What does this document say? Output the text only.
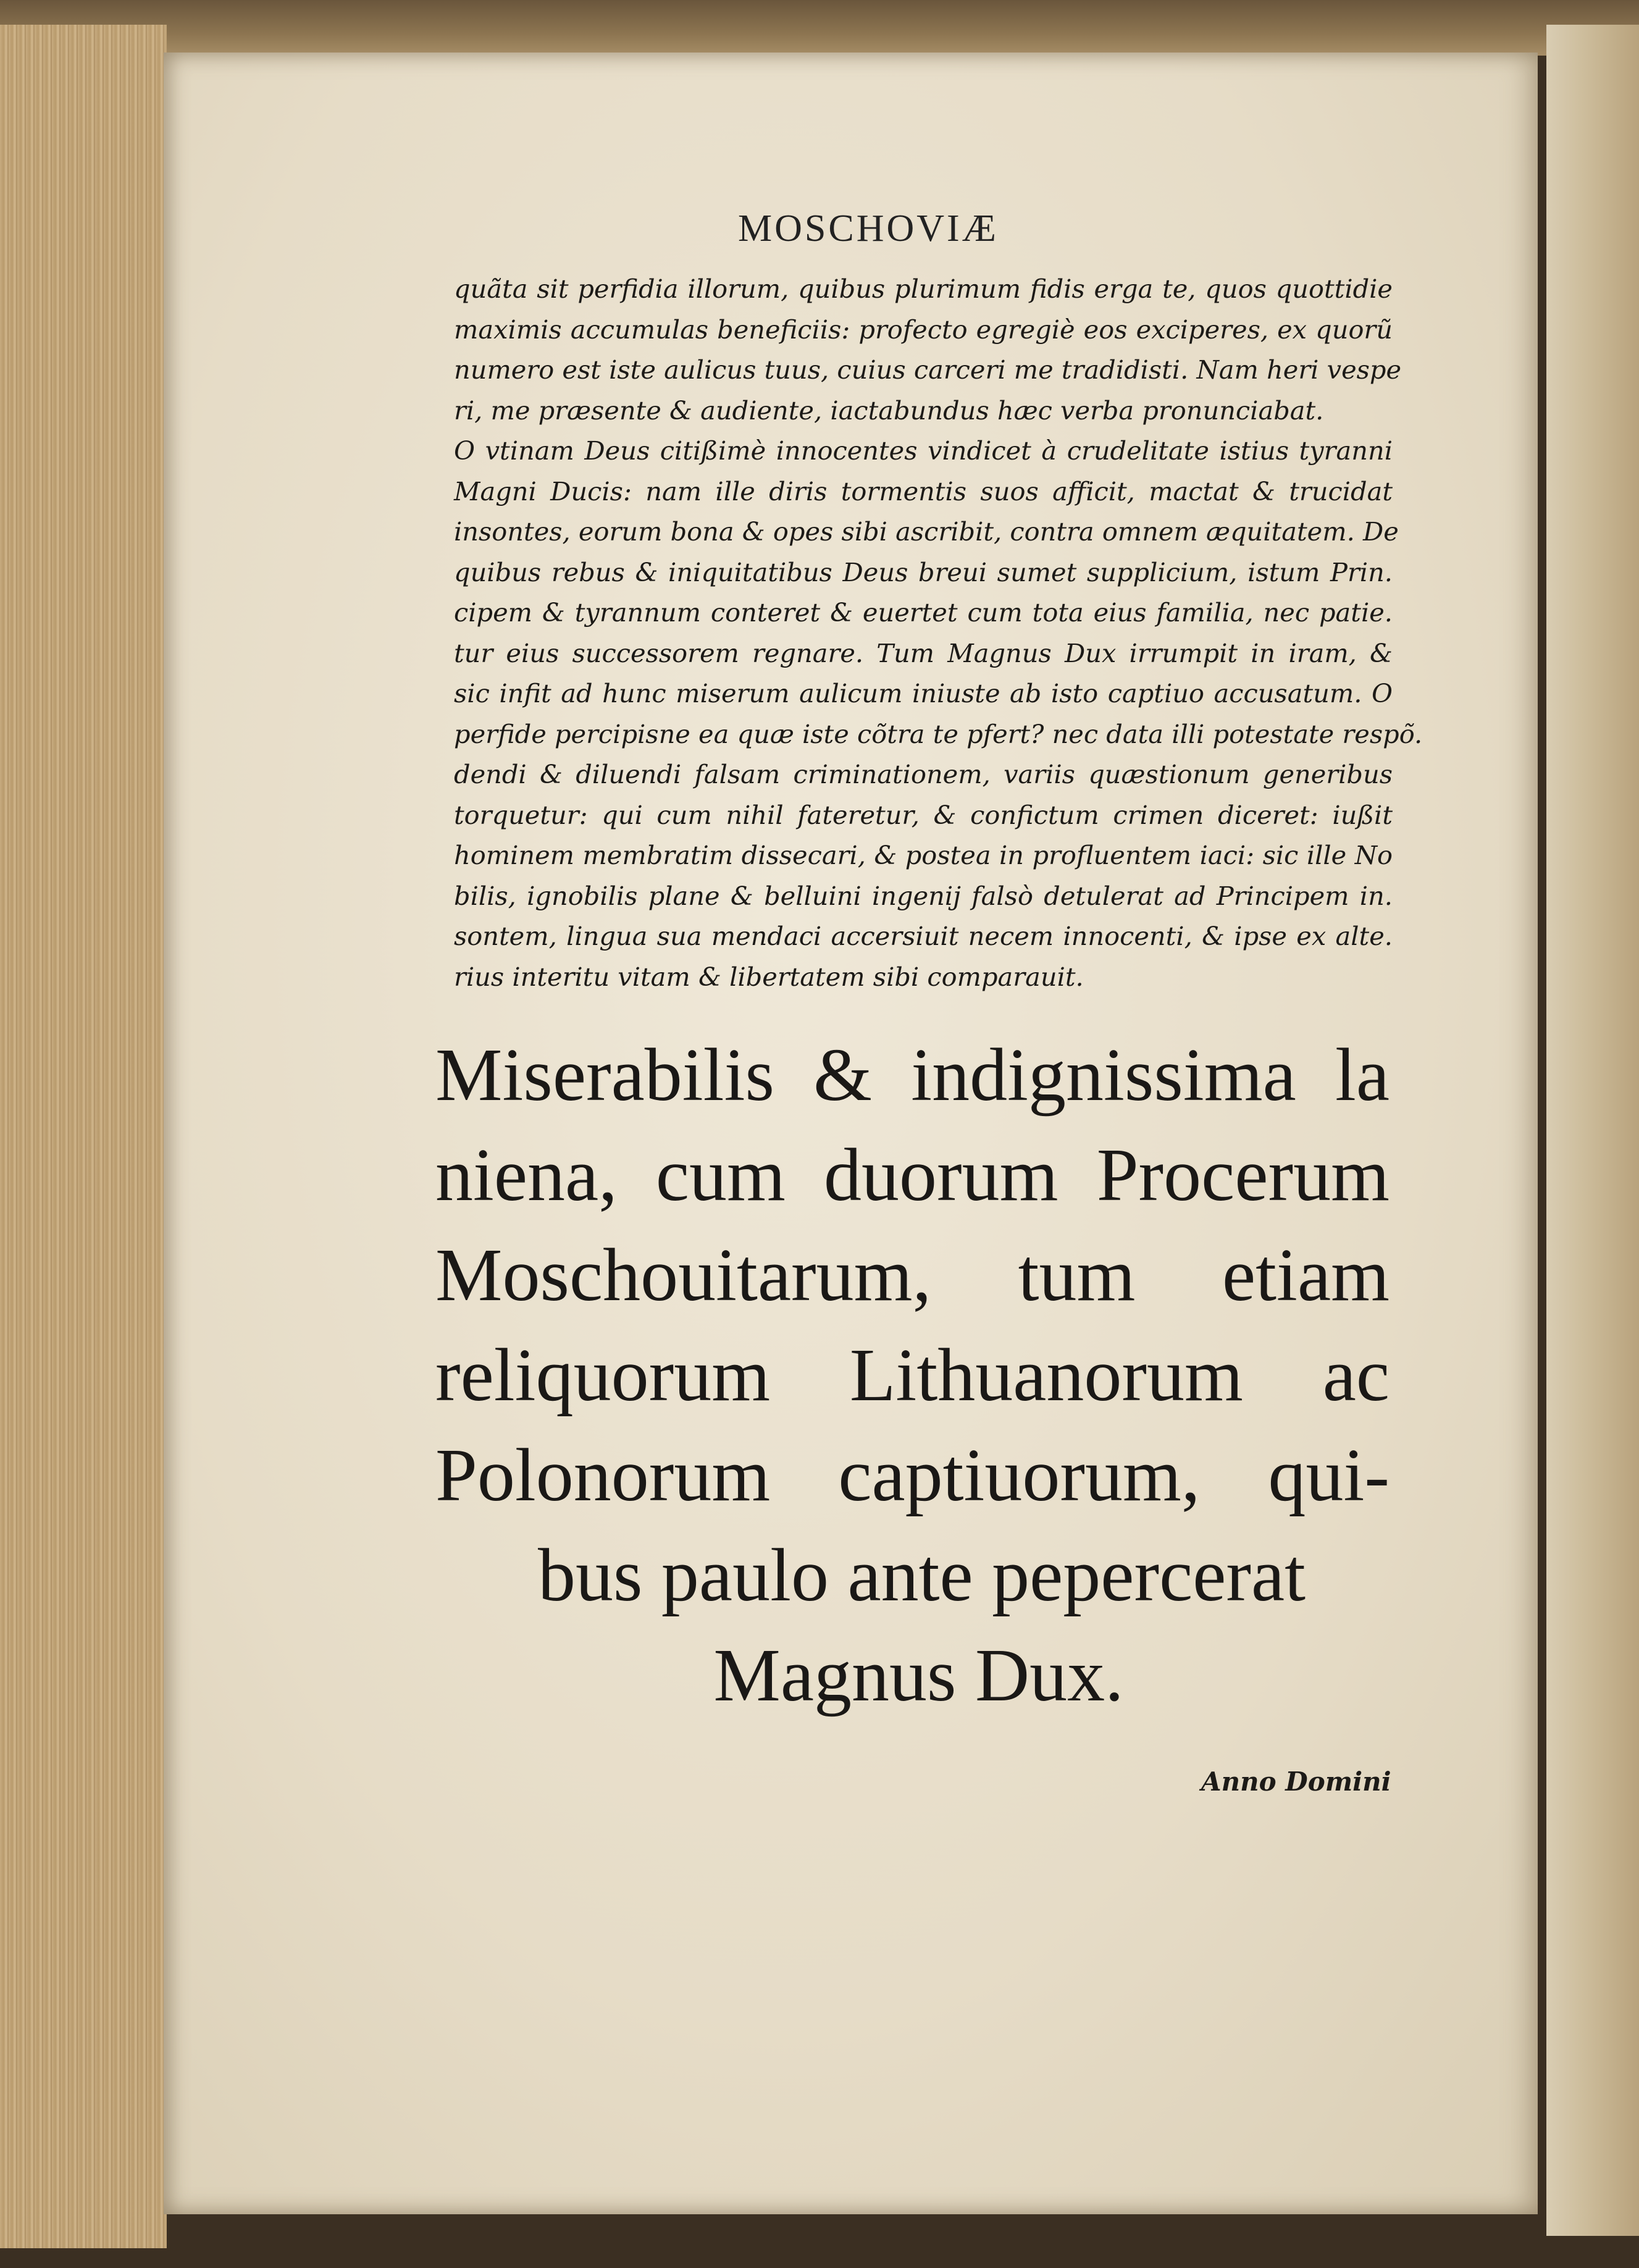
MOSCHOVIÆ
quãta sit perfidia illorum, quibus plurimum fidis erga te, quos quottidie
maximis accumulas beneficiis: profecto egregiè eos exciperes, ex quorũ
numero est iste aulicus tuus, cuius carceri me tradidisti. Nam heri vespe
ri, me præsente & audiente, iactabundus hæc verba pronunciabat.
O vtinam Deus citißimè innocentes vindicet à crudelitate istius tyranni
Magni Ducis: nam ille diris tormentis suos afficit, mactat & trucidat
insontes, eorum bona & opes sibi ascribit, contra omnem æquitatem. De
quibus rebus & iniquitatibus Deus breui sumet supplicium, istum Prin.
cipem & tyrannum conteret & euertet cum tota eius familia, nec patie.
tur eius successorem regnare. Tum Magnus Dux irrumpit in iram, &
sic infit ad hunc miserum aulicum iniuste ab isto captiuo accusatum. O
perfide percipisne ea quæ iste cõtra te pfert? nec data illi potestate respõ.
dendi & diluendi falsam criminationem, variis quæstionum generibus
torquetur: qui cum nihil fateretur, & confictum crimen diceret: iußit
hominem membratim dissecari, & postea in profluentem iaci: sic ille No
bilis, ignobilis plane & belluini ingenij falsò detulerat ad Principem in.
sontem, lingua sua mendaci accersiuit necem innocenti, & ipse ex alte.
rius interitu vitam & libertatem sibi comparauit.
Miserabilis & indignissima la
niena, cum duorum Procerum
Moschouitarum, tum etiam
reliquorum Lithuanorum ac
Polonorum captiuorum, qui-
bus paulo ante pepercerat
Magnus Dux.
Anno Domini
